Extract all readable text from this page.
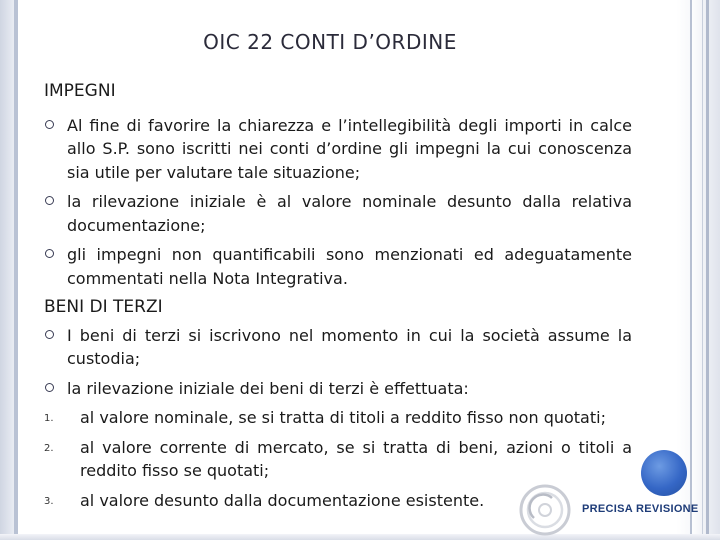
OIC 22 CONTI D’ORDINE
IMPEGNI
Al fine di favorire la chiarezza e l’intellegibilità degli importi in calce allo S.P. sono iscritti nei conti d’ordine gli impegni la cui conoscenza sia utile per valutare tale situazione;
la rilevazione iniziale è al valore nominale desunto dalla relativa documentazione;
gli impegni non quantificabili sono menzionati ed adeguatamente commentati nella Nota Integrativa.
BENI DI TERZI
I beni di terzi si iscrivono nel momento in cui la società assume la custodia;
la rilevazione iniziale dei beni di terzi è effettuata:
1. al valore nominale, se si tratta di titoli a reddito fisso non quotati;
2. al valore corrente di mercato, se si tratta di beni, azioni o titoli a reddito fisso se quotati;
3. al valore desunto dalla documentazione esistente.	PRECISA REVISIONE
